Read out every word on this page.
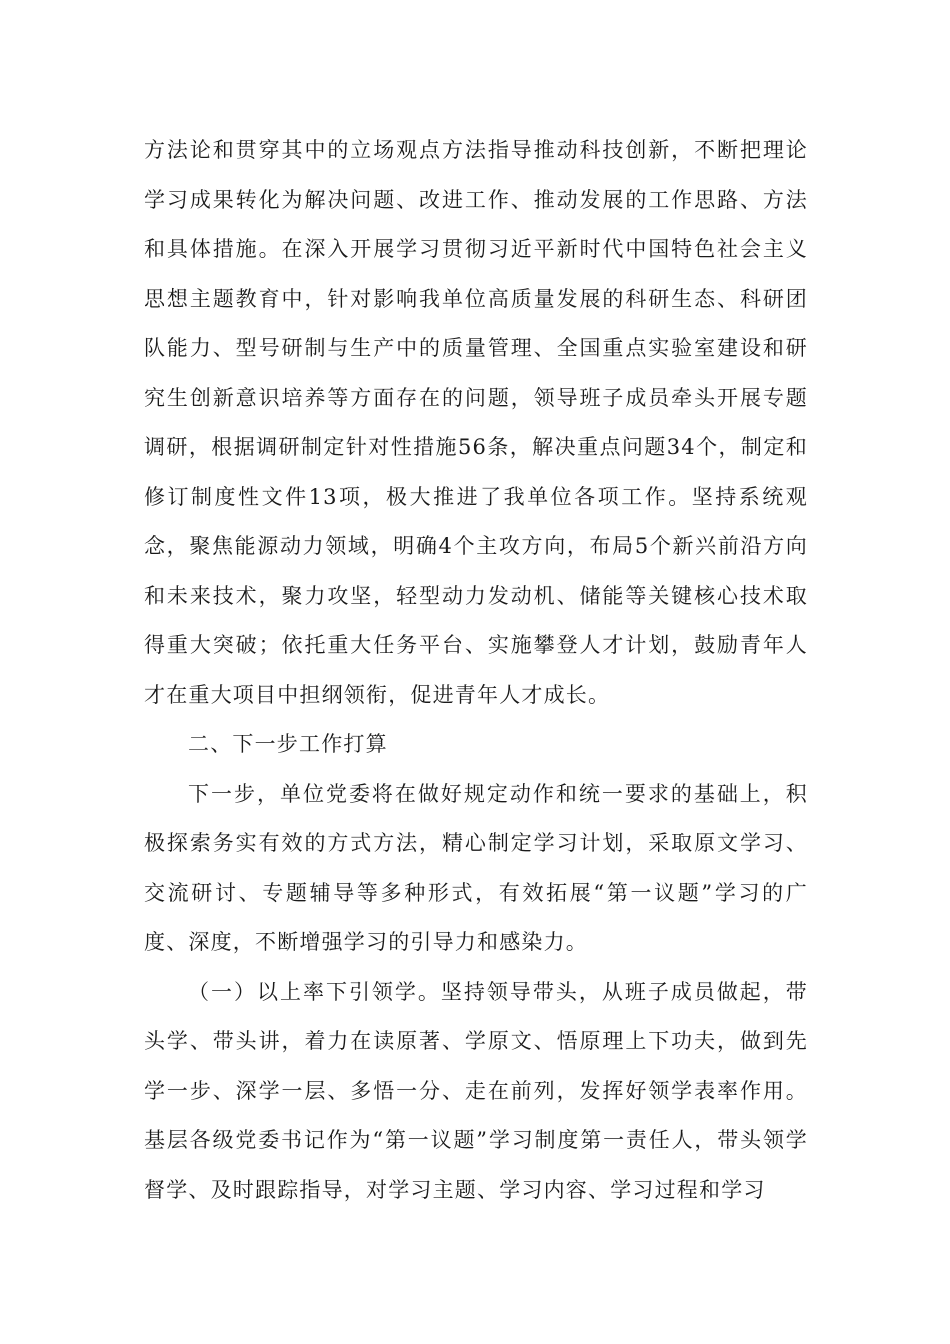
方法论和贯穿其中的立场观点方法指导推动科技创新，不断把理论学习成果转化为解决问题、改进工作、推动发展的工作思路、方法和具体措施。在深入开展学习贯彻习近平新时代中国特色社会主义思想主题教育中，针对影响我单位高质量发展的科研生态、科研团队能力、型号研制与生产中的质量管理、全国重点实验室建设和研究生创新意识培养等方面存在的问题，领导班子成员牵头开展专题调研，根据调研制定针对性措施56条，解决重点问题34个，制定和修订制度性文件13项，极大推进了我单位各项工作。坚持系统观念，聚焦能源动力领域，明确4个主攻方向，布局5个新兴前沿方向和未来技术，聚力攻坚，轻型动力发动机、储能等关键核心技术取得重大突破；依托重大任务平台、实施攀登人才计划，鼓励青年人才在重大项目中担纲领衔，促进青年人才成长。

二、下一步工作打算

下一步，单位党委将在做好规定动作和统一要求的基础上，积极探索务实有效的方式方法，精心制定学习计划，采取原文学习、交流研讨、专题辅导等多种形式，有效拓展“第一议题”学习的广度、深度，不断增强学习的引导力和感染力。

（一）以上率下引领学。坚持领导带头，从班子成员做起，带头学、带头讲，着力在读原著、学原文、悟原理上下功夫，做到先学一步、深学一层、多悟一分、走在前列，发挥好领学表率作用。基层各级党委书记作为“第一议题”学习制度第一责任人，带头领学督学、及时跟踪指导，对学习主题、学习内容、学习过程和学习
